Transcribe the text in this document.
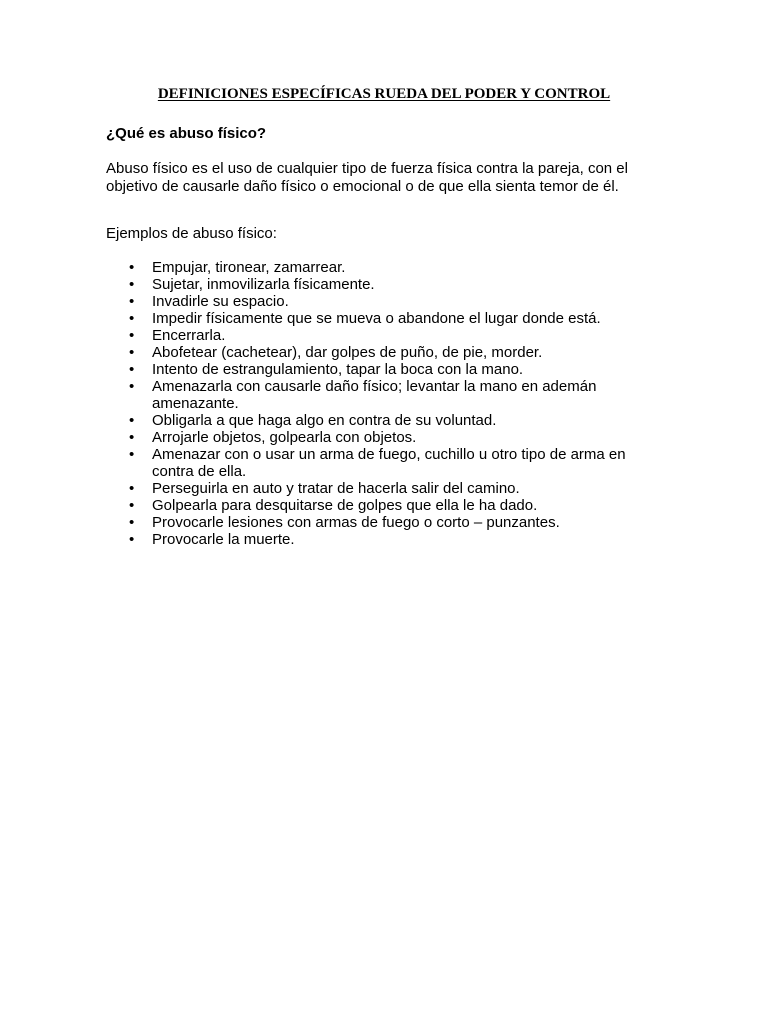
DEFINICIONES ESPECÍFICAS RUEDA DEL PODER Y CONTROL
¿Qué es abuso físico?

Abuso físico es el uso de cualquier tipo de fuerza física contra la pareja, con el objetivo de causarle daño físico o emocional o de que ella sienta temor de él.

Ejemplos de abuso físico:

• Empujar, tironear, zamarrear.
• Sujetar, inmovilizarla físicamente.
• Invadirle su espacio.
• Impedir físicamente que se mueva o abandone el lugar donde está.
• Encerrarla.
• Abofetear (cachetear), dar golpes de puño, de pie, morder.
• Intento de estrangulamiento, tapar la boca con la mano.
• Amenazarla con causarle daño físico; levantar la mano en ademán amenazante.
• Obligarla a que haga algo en contra de su voluntad.
• Arrojarle objetos, golpearla con objetos.
• Amenazar con o usar un arma de fuego, cuchillo u otro tipo de arma en contra de ella.
• Perseguirla en auto y tratar de hacerla salir del camino.
• Golpearla para desquitarse de golpes que ella le ha dado.
• Provocarle lesiones con armas de fuego o corto – punzantes.
• Provocarle la muerte.
